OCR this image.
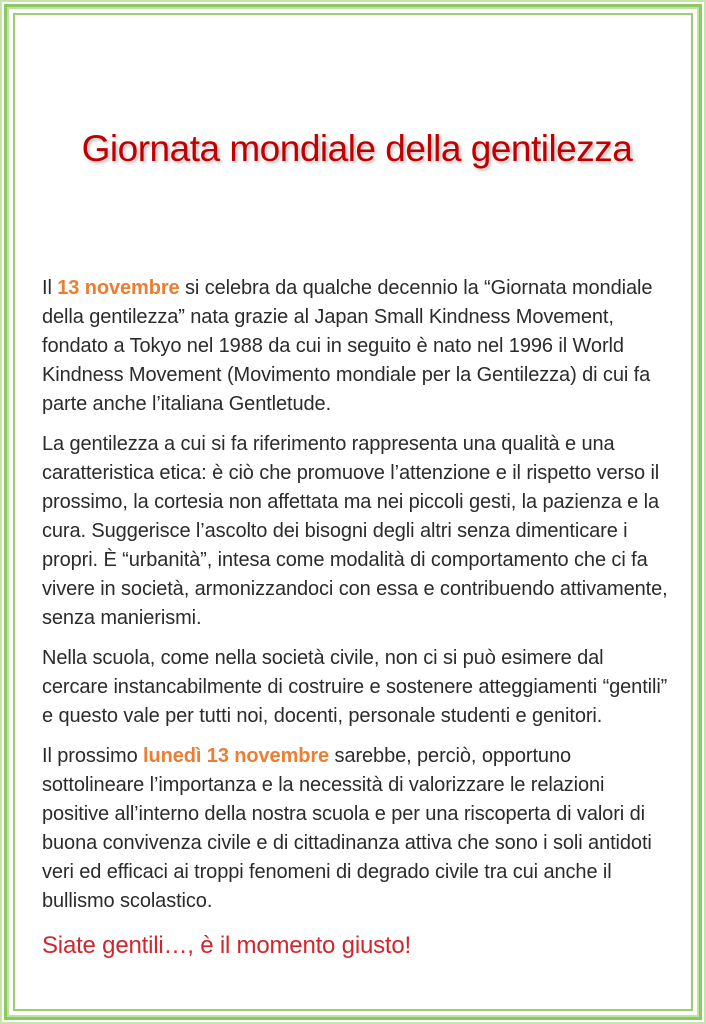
Giornata mondiale della gentilezza

Il 13 novembre si celebra da qualche decennio la “Giornata mondiale della gentilezza” nata grazie al Japan Small Kindness Movement, fondato a Tokyo nel 1988 da cui in seguito è nato nel 1996 il World Kindness Movement (Movimento mondiale per la Gentilezza) di cui fa parte anche l’italiana Gentletude.

La gentilezza a cui si fa riferimento rappresenta una qualità e una caratteristica etica: è ciò che promuove l’attenzione e il rispetto verso il prossimo, la cortesia non affettata ma nei piccoli gesti, la pazienza e la cura. Suggerisce l’ascolto dei bisogni degli altri senza dimenticare i propri. È “urbanità”, intesa come modalità di comportamento che ci fa vivere in società, armonizzandoci con essa e contribuendo attivamente, senza manierismi.

Nella scuola, come nella società civile, non ci si può esimere dal cercare instancabilmente di costruire e sostenere atteggiamenti “gentili” e questo vale per tutti noi, docenti, personale studenti e genitori.

Il prossimo lunedì 13 novembre sarebbe, perciò, opportuno sottolineare l’importanza e la necessità di valorizzare le relazioni positive all’interno della nostra scuola e per una riscoperta di valori di buona convivenza civile e di cittadinanza attiva che sono i soli antidoti veri ed efficaci ai troppi fenomeni di degrado civile tra cui anche il bullismo scolastico.

Siate gentili…, è il momento giusto!
